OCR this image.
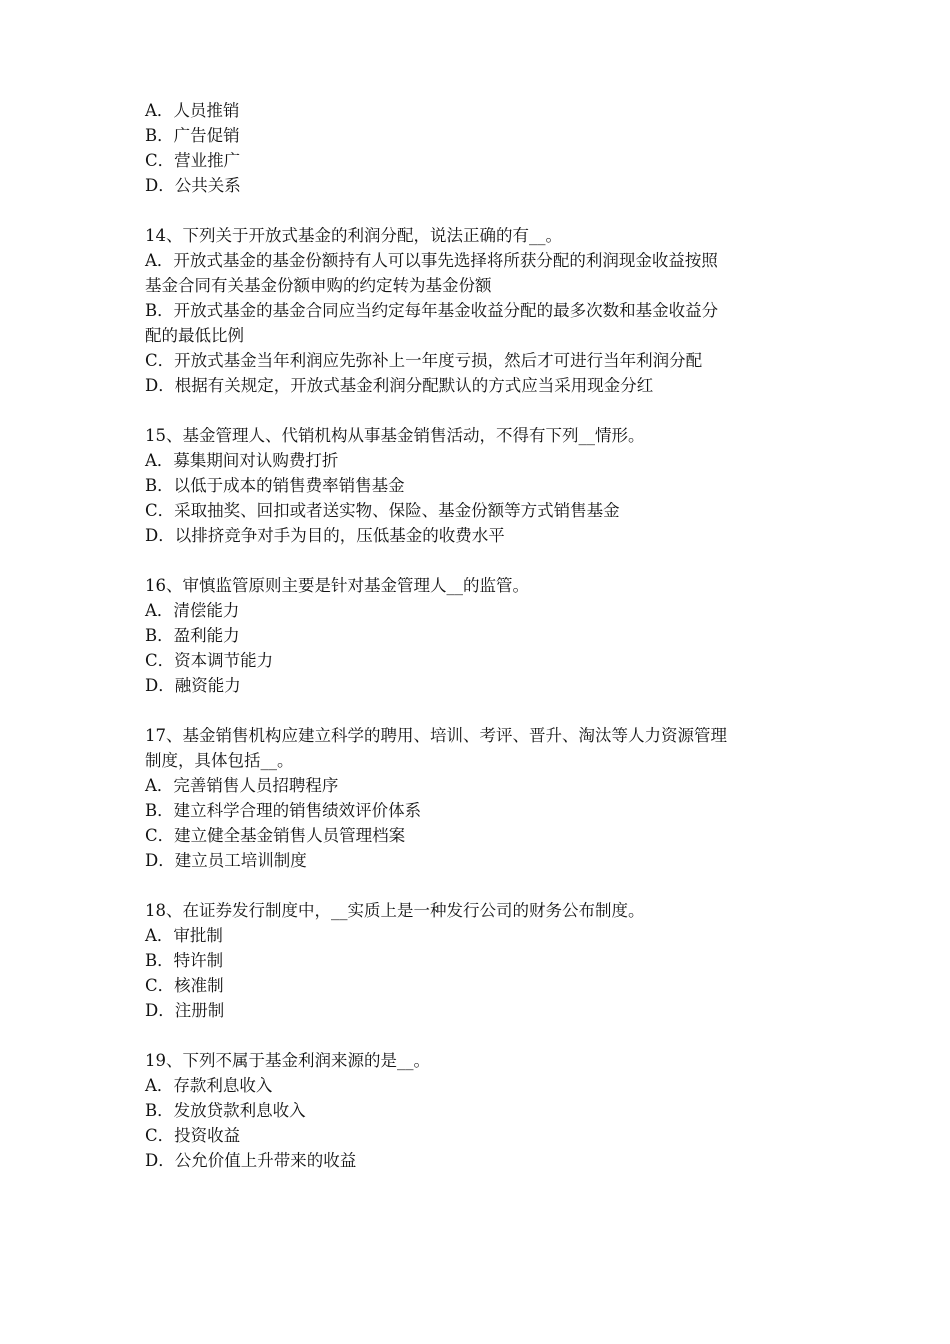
A．人员推销
B．广告促销
C．营业推广
D．公共关系
14、下列关于开放式基金的利润分配，说法正确的有__。
A．开放式基金的基金份额持有人可以事先选择将所获分配的利润现金收益按照
基金合同有关基金份额申购的约定转为基金份额
B．开放式基金的基金合同应当约定每年基金收益分配的最多次数和基金收益分
配的最低比例
C．开放式基金当年利润应先弥补上一年度亏损，然后才可进行当年利润分配
D．根据有关规定，开放式基金利润分配默认的方式应当采用现金分红
15、基金管理人、代销机构从事基金销售活动，不得有下列__情形。
A．募集期间对认购费打折
B．以低于成本的销售费率销售基金
C．采取抽奖、回扣或者送实物、保险、基金份额等方式销售基金
D．以排挤竞争对手为目的，压低基金的收费水平
16、审慎监管原则主要是针对基金管理人__的监管。
A．清偿能力
B．盈利能力
C．资本调节能力
D．融资能力
17、基金销售机构应建立科学的聘用、培训、考评、晋升、淘汰等人力资源管理
制度，具体包括__。
A．完善销售人员招聘程序
B．建立科学合理的销售绩效评价体系
C．建立健全基金销售人员管理档案
D．建立员工培训制度
18、在证券发行制度中，__实质上是一种发行公司的财务公布制度。
A．审批制
B．特许制
C．核准制
D．注册制
19、下列不属于基金利润来源的是__。
A．存款利息收入
B．发放贷款利息收入
C．投资收益
D．公允价值上升带来的收益
